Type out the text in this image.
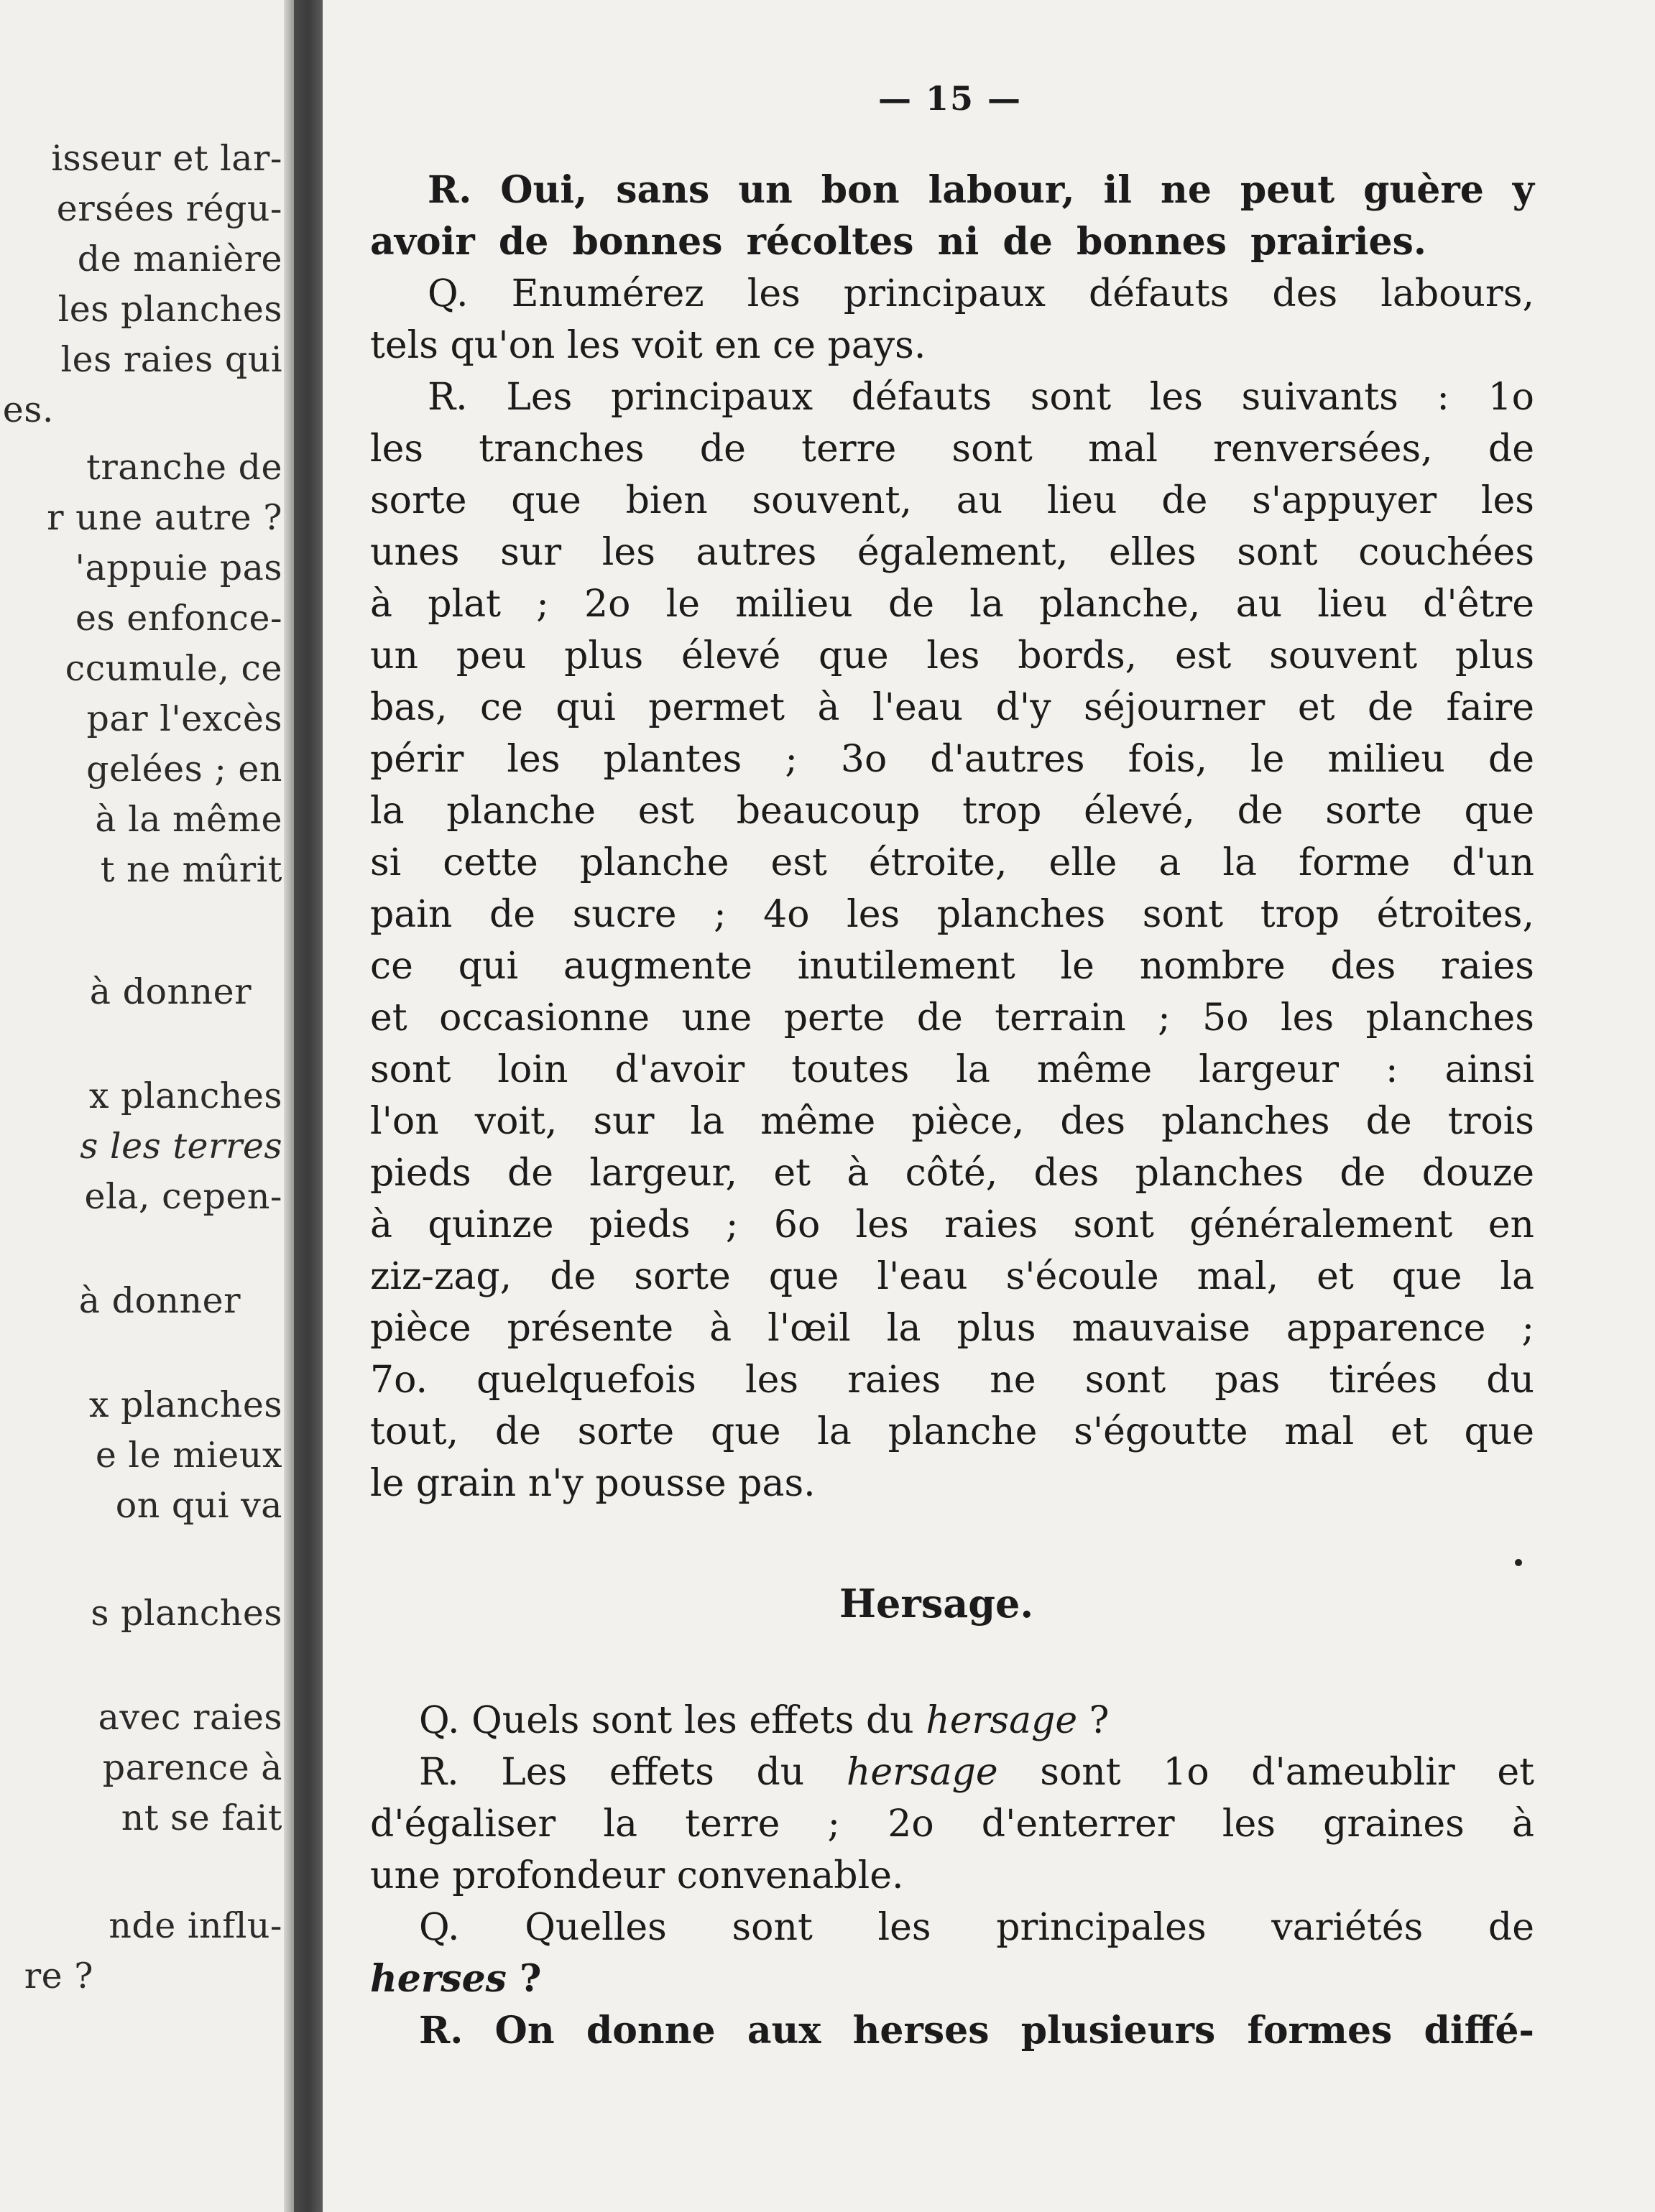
isseur et lar-
ersées régu-
de manière
les planches
les raies qui
es.
tranche de
r une autre ?
'appuie pas
es enfonce-
ccumule, ce
par l'excès
gelées ; en
à la même
t ne mûrit
à donner
x planches
s les terres
ela, cepen-
à donner
x planches
e le mieux
on qui va
s planches
avec raies
parence à
nt se fait
nde influ-
re ?
— 15 —
R. Oui, sans un bon labour, il ne peut guère y
avoir de bonnes récoltes ni de bonnes prairies.
Q. Enumérez les principaux défauts des labours,
tels qu'on les voit en ce pays.
R. Les principaux défauts sont les suivants : 1o
les tranches de terre sont mal renversées, de
sorte que bien souvent, au lieu de s'appuyer les
unes sur les autres également, elles sont couchées
à plat ; 2o le milieu de la planche, au lieu d'être
un peu plus élevé que les bords, est souvent plus
bas, ce qui permet à l'eau d'y séjourner et de faire
périr les plantes ; 3o d'autres fois, le milieu de
la planche est beaucoup trop élevé, de sorte que
si cette planche est étroite, elle a la forme d'un
pain de sucre ; 4o les planches sont trop étroites,
ce qui augmente inutilement le nombre des raies
et occasionne une perte de terrain ; 5o les planches
sont loin d'avoir toutes la même largeur : ainsi
l'on voit, sur la même pièce, des planches de trois
pieds de largeur, et à côté, des planches de douze
à quinze pieds ; 6o les raies sont généralement en
ziz-zag, de sorte que l'eau s'écoule mal, et que la
pièce présente à l'œil la plus mauvaise apparence ;
7o. quelquefois les raies ne sont pas tirées du
tout, de sorte que la planche s'égoutte mal et que
le grain n'y pousse pas.
Q. Quels sont les effets du hersage ?
R. Les effets du hersage sont 1o d'ameublir et
d'égaliser la terre ; 2o d'enterrer les graines à
une profondeur convenable.
Q. Quelles sont les principales variétés de
herses ?
R. On donne aux herses plusieurs formes diffé-
Hersage.
